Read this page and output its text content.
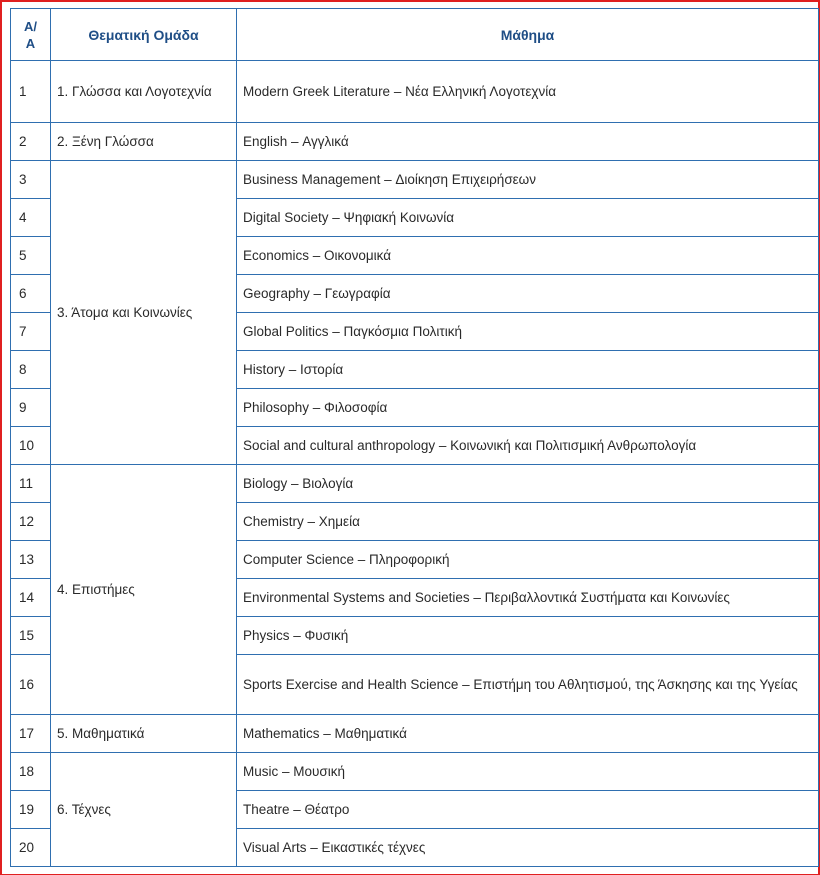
Α/
Α	Θεματική Ομάδα	Μάθημα
1	1. Γλώσσα και Λογοτεχνία	Modern Greek Literature – Νέα Ελληνική Λογοτεχνία
2	2. Ξένη Γλώσσα	English – Αγγλικά
3	3. Άτομα και Κοινωνίες	Business Management – Διοίκηση Επιχειρήσεων
4		Digital Society – Ψηφιακή Κοινωνία
5		Economics – Οικονομικά
6		Geography – Γεωγραφία
7		Global Politics – Παγκόσμια Πολιτική
8		History – Ιστορία
9		Philosophy – Φιλοσοφία
10		Social and cultural anthropology – Κοινωνική και Πολιτισμική Ανθρωπολογία
11	4. Επιστήμες	Biology – Βιολογία
12		Chemistry – Χημεία
13		Computer Science – Πληροφορική
14		Environmental Systems and Societies – Περιβαλλοντικά Συστήματα και Κοινωνίες
15		Physics – Φυσική
16		Sports Exercise and Health Science – Επιστήμη του Αθλητισμού, της Άσκησης και της Υγείας
17	5. Μαθηματικά	Mathematics – Μαθηματικά
18	6. Τέχνες	Music – Μουσική
19		Theatre – Θέατρο
20		Visual Arts – Εικαστικές τέχνες
